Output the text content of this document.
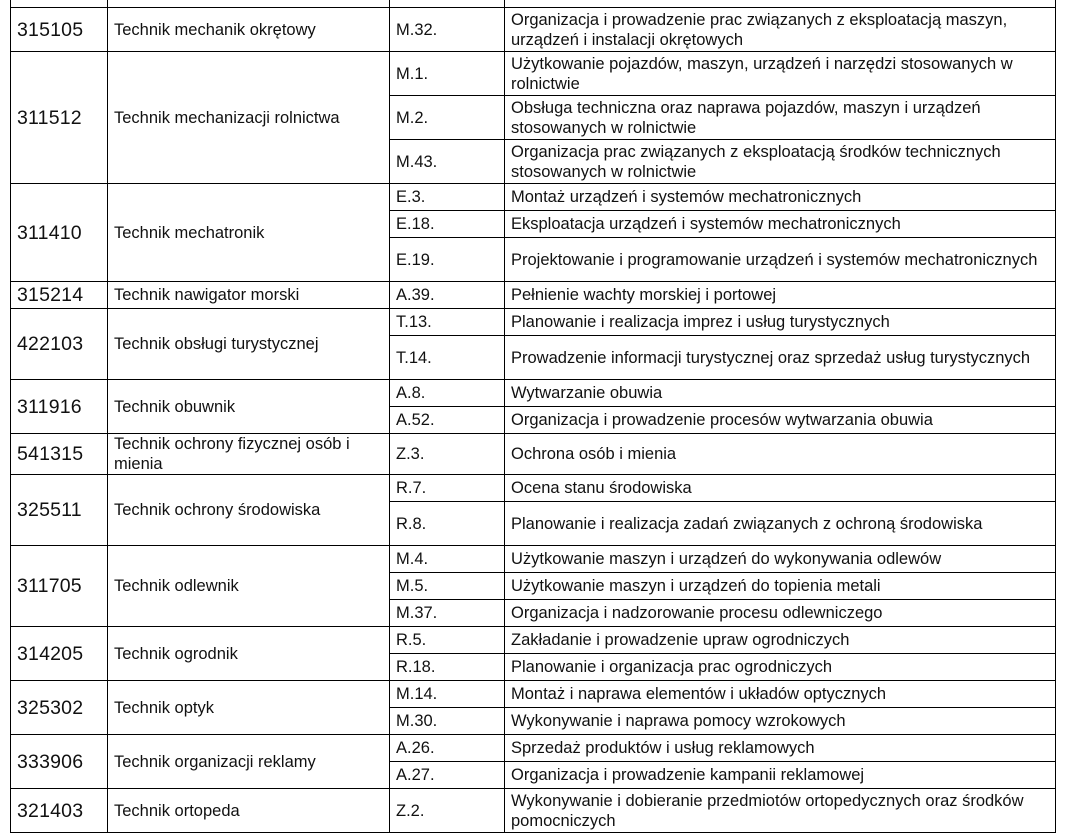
315105	Technik mechanik okrętowy	M.32.	Organizacja i prowadzenie prac związanych z eksploatacją maszyn, urządzeń i instalacji okrętowych
311512	Technik mechanizacji rolnictwa	M.1.	Użytkowanie pojazdów, maszyn, urządzeń i narzędzi stosowanych w rolnictwie
		M.2.	Obsługa techniczna oraz naprawa pojazdów, maszyn i urządzeń stosowanych w rolnictwie
		M.43.	Organizacja prac związanych z eksploatacją środków technicznych stosowanych w rolnictwie
311410	Technik mechatronik	E.3.	Montaż urządzeń i systemów mechatronicznych
		E.18.	Eksploatacja urządzeń i systemów mechatronicznych
		E.19.	Projektowanie i programowanie urządzeń i systemów mechatronicznych
315214	Technik nawigator morski	A.39.	Pełnienie wachty morskiej i portowej
422103	Technik obsługi turystycznej	T.13.	Planowanie i realizacja imprez i usług turystycznych
		T.14.	Prowadzenie informacji turystycznej oraz sprzedaż usług turystycznych
311916	Technik obuwnik	A.8.	Wytwarzanie obuwia
		A.52.	Organizacja i prowadzenie procesów wytwarzania obuwia
541315	Technik ochrony fizycznej osób i mienia	Z.3.	Ochrona osób i mienia
325511	Technik ochrony środowiska	R.7.	Ocena stanu środowiska
		R.8.	Planowanie i realizacja zadań związanych z ochroną środowiska
311705	Technik odlewnik	M.4.	Użytkowanie maszyn i urządzeń do wykonywania odlewów
		M.5.	Użytkowanie maszyn i urządzeń do topienia metali
		M.37.	Organizacja i nadzorowanie procesu odlewniczego
314205	Technik ogrodnik	R.5.	Zakładanie i prowadzenie upraw ogrodniczych
		R.18.	Planowanie i organizacja prac ogrodniczych
325302	Technik optyk	M.14.	Montaż i naprawa elementów i układów optycznych
		M.30.	Wykonywanie i naprawa pomocy wzrokowych
333906	Technik organizacji reklamy	A.26.	Sprzedaż produktów i usług reklamowych
		A.27.	Organizacja i prowadzenie kampanii reklamowej
321403	Technik ortopeda	Z.2.	Wykonywanie i dobieranie przedmiotów ortopedycznych oraz środków pomocniczych
